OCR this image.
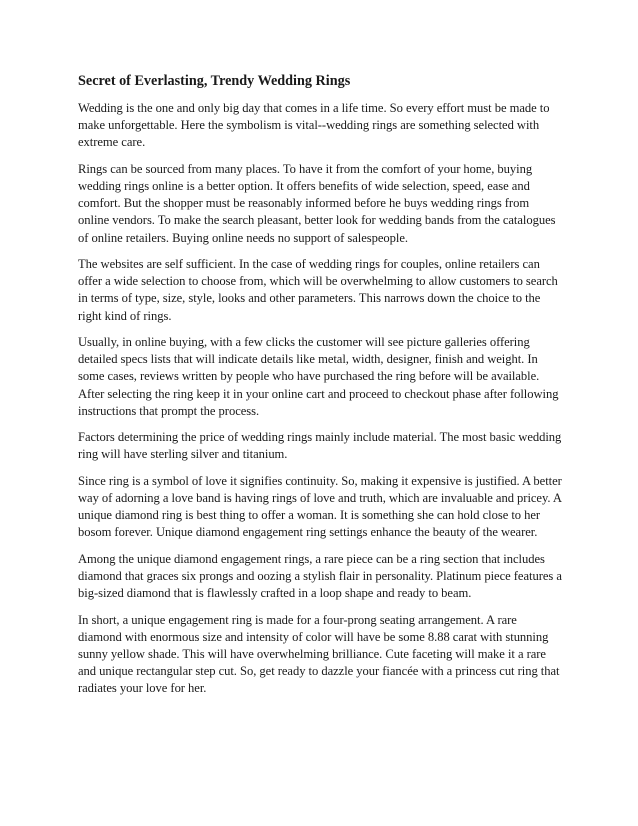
Secret of Everlasting, Trendy Wedding Rings

Wedding is the one and only big day that comes in a life time. So every effort must be made to make unforgettable. Here the symbolism is vital--wedding rings are something selected with extreme care.

Rings can be sourced from many places. To have it from the comfort of your home, buying wedding rings online is a better option. It offers benefits of wide selection, speed, ease and comfort. But the shopper must be reasonably informed before he buys wedding rings from online vendors. To make the search pleasant, better look for wedding bands from the catalogues of online retailers. Buying online needs no support of salespeople.

The websites are self sufficient. In the case of wedding rings for couples, online retailers can offer a wide selection to choose from, which will be overwhelming to allow customers to search in terms of type, size, style, looks and other parameters. This narrows down the choice to the right kind of rings.

Usually, in online buying, with a few clicks the customer will see picture galleries offering detailed specs lists that will indicate details like metal, width, designer, finish and weight. In some cases, reviews written by people who have purchased the ring before will be available. After selecting the ring keep it in your online cart and proceed to checkout phase after following instructions that prompt the process.

Factors determining the price of wedding rings mainly include material. The most basic wedding ring will have sterling silver and titanium.

Since ring is a symbol of love it signifies continuity. So, making it expensive is justified. A better way of adorning a love band is having rings of love and truth, which are invaluable and pricey. A unique diamond ring is best thing to offer a woman. It is something she can hold close to her bosom forever. Unique diamond engagement ring settings enhance the beauty of the wearer.

Among the unique diamond engagement rings, a rare piece can be a ring section that includes diamond that graces six prongs and oozing a stylish flair in personality. Platinum piece features a big-sized diamond that is flawlessly crafted in a loop shape and ready to beam.

In short, a unique engagement ring is made for a four-prong seating arrangement. A rare diamond with enormous size and intensity of color will have be some 8.88 carat with stunning sunny yellow shade. This will have overwhelming brilliance. Cute faceting will make it a rare and unique rectangular step cut. So, get ready to dazzle your fiancée with a princess cut ring that radiates your love for her.
